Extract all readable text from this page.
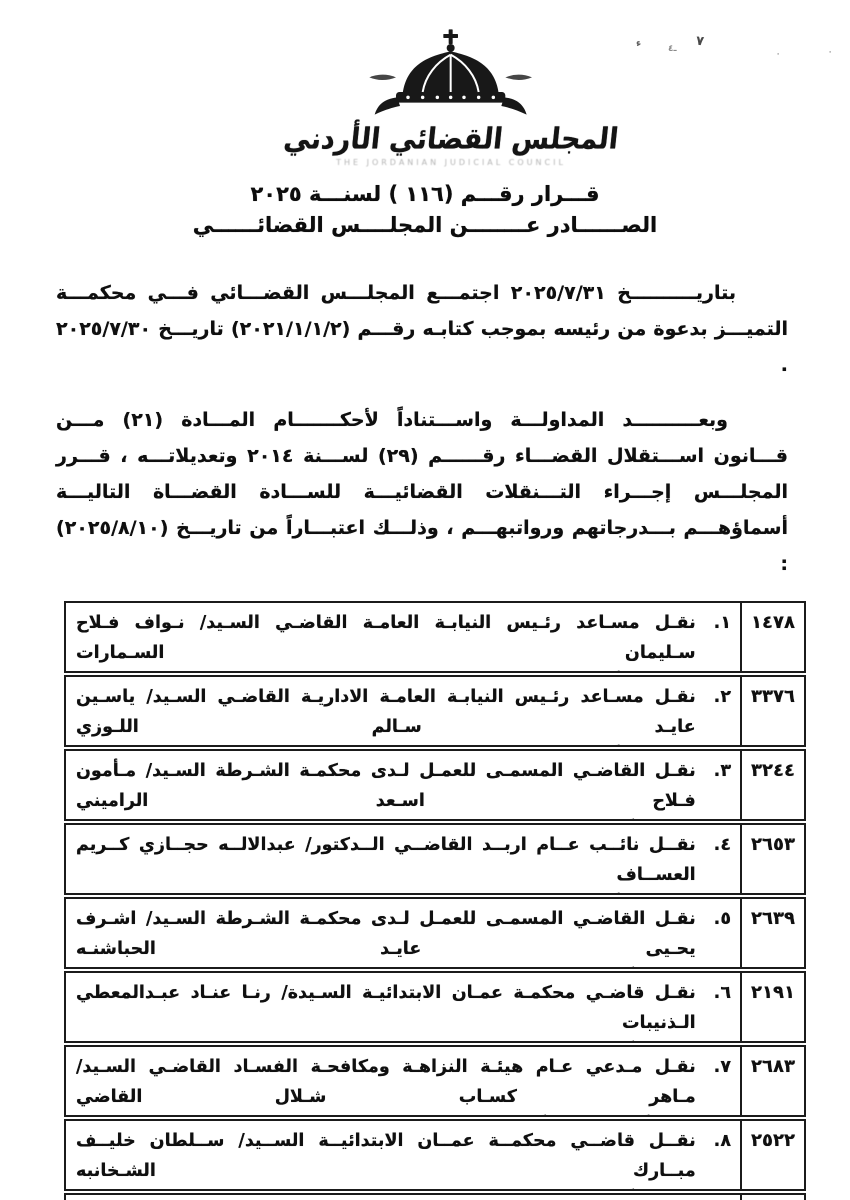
ء	ـ٤ ٧
٠	٠
المجلس القضائي الأردني
THE JORDANIAN JUDICIAL COUNCIL
قـــرار رقـــم (١١٦ ) لسنـــة ٢٠٢٥
الصــــــادر عــــــــن المجلــــس القضائــــــي

بتاريــــــــــخ ٢٠٢٥/٧/٣١ اجتمـــع المجلـــس القضـــائي فـــي محكمـــة التميـــز بدعوة من رئيسه بموجب كتابـه رقـــم (٢٠٢١/١/١/٢) تاريـــخ ٢٠٢٥/٧/٣٠ .

وبعــــــــــد المداولـــة واســـتناداً لأحكـــــــام المـــادة (٢١) مـــن قـــانون اســـتقلال القضـــاء رقــــــم (٢٩) لســـنة ٢٠١٤ وتعديلاتـــه ، قـــرر المجلـــس إجـــراء التـــنقلات القضائيـــة للســـادة القضـــاة التاليـــة أسماؤهـــم بـــدرجاتهم ورواتبهـــم ، وذلـــك اعتبـــاراً من تاريـــخ (٢٠٢٥/٨/١٠) :

١٤٧٨
١.
نقـل مسـاعد رئـيس النيابـة العامـة القاضـي السـيد/ نـواف فـلاح سـليمان السـمارات
٣٣٧٦
٢.
نقـل مسـاعد رئـيس النيابـة العامـة الاداريـة القاضـي السـيد/ ياسـين عايـد سـالم اللـوزي
٣٢٤٤
٣.
نقـل القاضـي المسمـى للعمـل لـدى محكمـة الشـرطة السـيد/ مـأمون فـلاح اسـعد الراميني
٢٦٥٣
٤.
نقــل نائــب عــام اربــد القاضــي الــدكتور/ عبدالالــه حجــازي كــريم العســاف
٢٦٣٩
٥.
نقـل القاضـي المسمـى للعمـل لـدى محكمـة الشـرطة السـيد/ اشـرف يحـيى عايـد الحباشنـه
٢١٩١
٦.
نقـل قاضـي محكمـة عمـان الابتدائيـة السـيدة/ رنـا عنـاد عبـدالمعطي الـذنيبات
٢٦٨٣
٧.
نقـل مـدعي عـام هيئـة النزاهـة ومكافحـة الفسـاد القاضـي السـيد/ مـاهر كسـاب شـلال القاضي
٢٥٢٢
٨.
نقــل قاضــي محكمــة عمــان الابتدائيــة الســيد/ ســلطان خليــف مبــارك الشـخانبه
